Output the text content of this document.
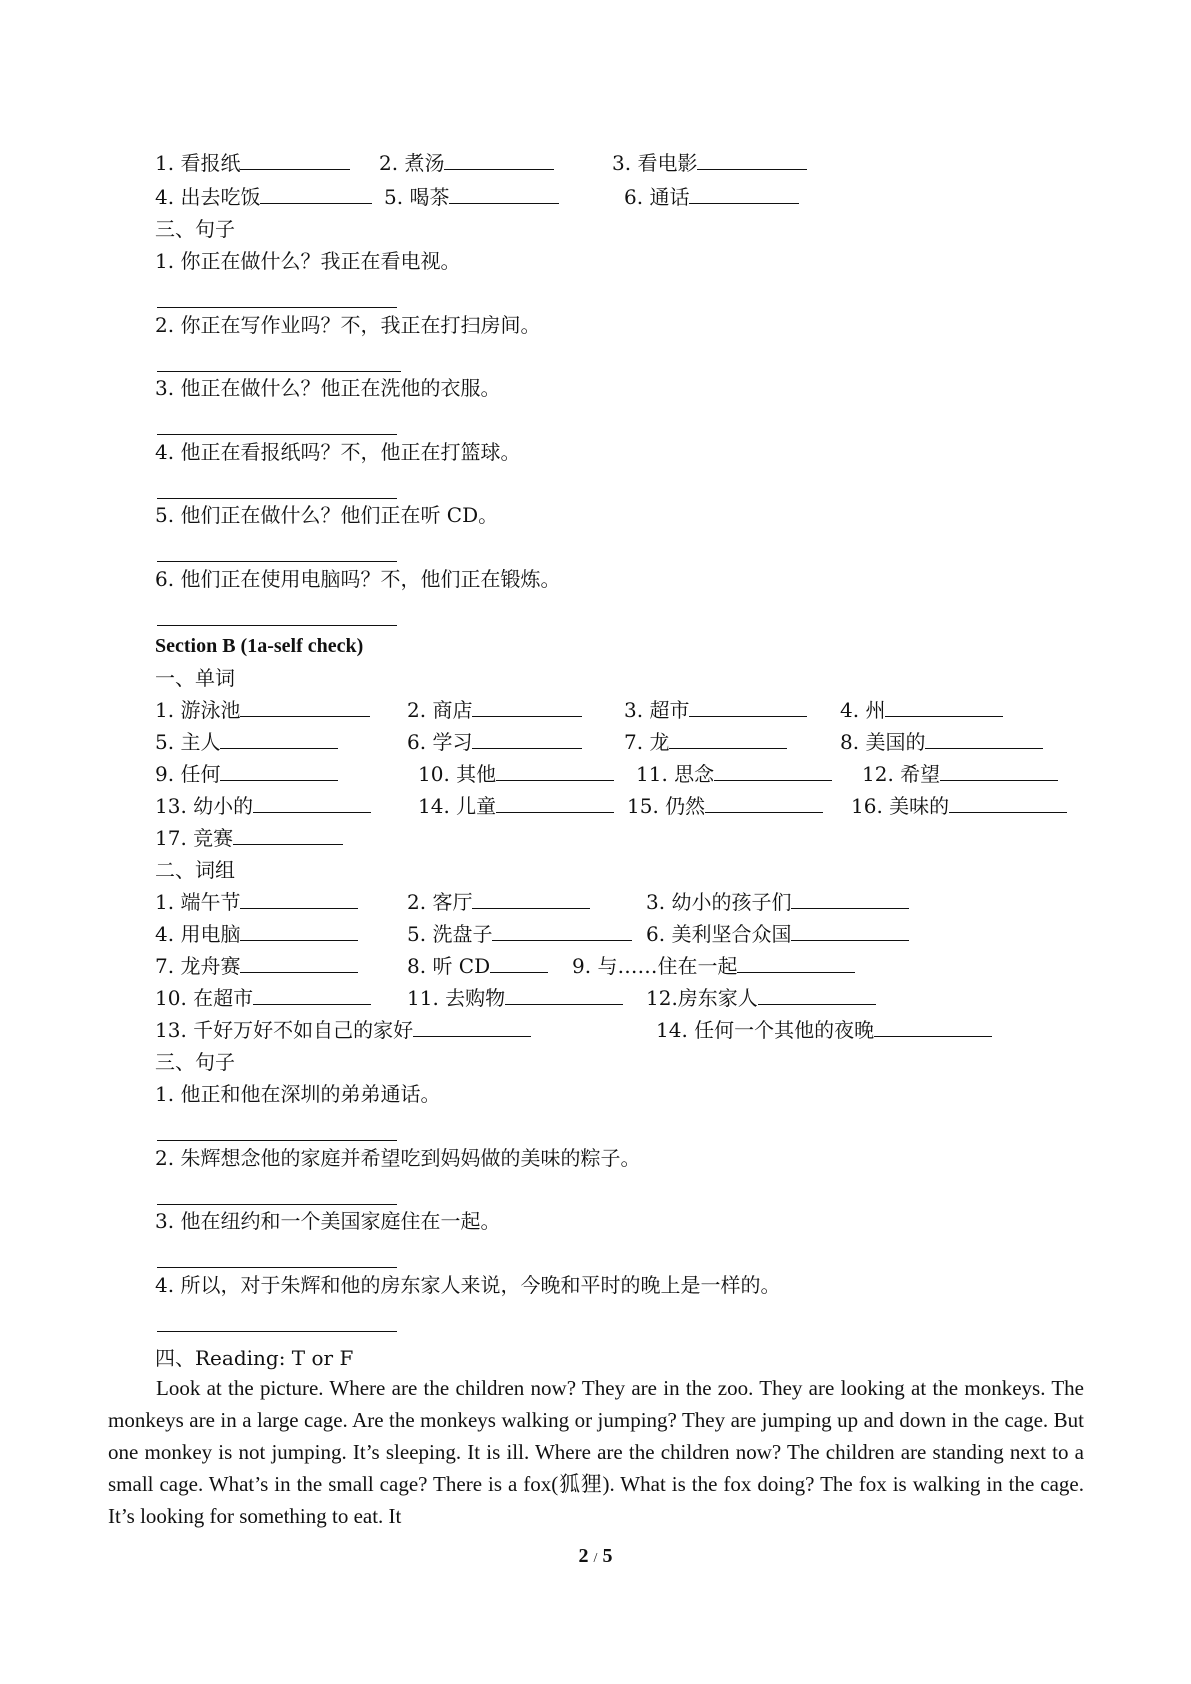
1. 看报纸	2. 煮汤	3. 看电影
4. 出去吃饭	5. 喝茶	6. 通话
三、句子
1. 你正在做什么？我正在看电视。
2. 你正在写作业吗？不，我正在打扫房间。
3. 他正在做什么？他正在洗他的衣服。
4. 他正在看报纸吗？不，他正在打篮球。
5. 他们正在做什么？他们正在听 CD。
6. 他们正在使用电脑吗？不，他们正在锻炼。
Section B (1a-self check)
一、单词
1. 游泳池	2. 商店	3. 超市	4. 州
5. 主人	6. 学习	7. 龙	8. 美国的
9. 任何	10. 其他	11. 思念	12. 希望
13. 幼小的	14. 儿童	15. 仍然	16. 美味的
17. 竞赛
二、词组
1. 端午节	2. 客厅	3. 幼小的孩子们
4. 用电脑	5. 洗盘子	6. 美利坚合众国
7. 龙舟赛	8. 听 CD	9. 与……住在一起
10. 在超市	11. 去购物	12.房东家人
13. 千好万好不如自己的家好	14. 任何一个其他的夜晚
三、句子
1. 他正和他在深圳的弟弟通话。
2. 朱辉想念他的家庭并希望吃到妈妈做的美味的粽子。
3. 他在纽约和一个美国家庭住在一起。
4. 所以，对于朱辉和他的房东家人来说，今晚和平时的晚上是一样的。
四、Reading: T or F

Look at the picture. Where are the children now? They are in the zoo. They are looking at the monkeys. The monkeys are in a large cage. Are the monkeys walking or jumping? They are jumping up and down in the cage. But one monkey is not jumping. It’s sleeping. It is ill. Where are the children now? The children are standing next to a small cage. What’s in the small cage? There is a fox(狐狸). What is the fox doing? The fox is walking in the cage. It’s looking for something to eat. It

2 / 5
